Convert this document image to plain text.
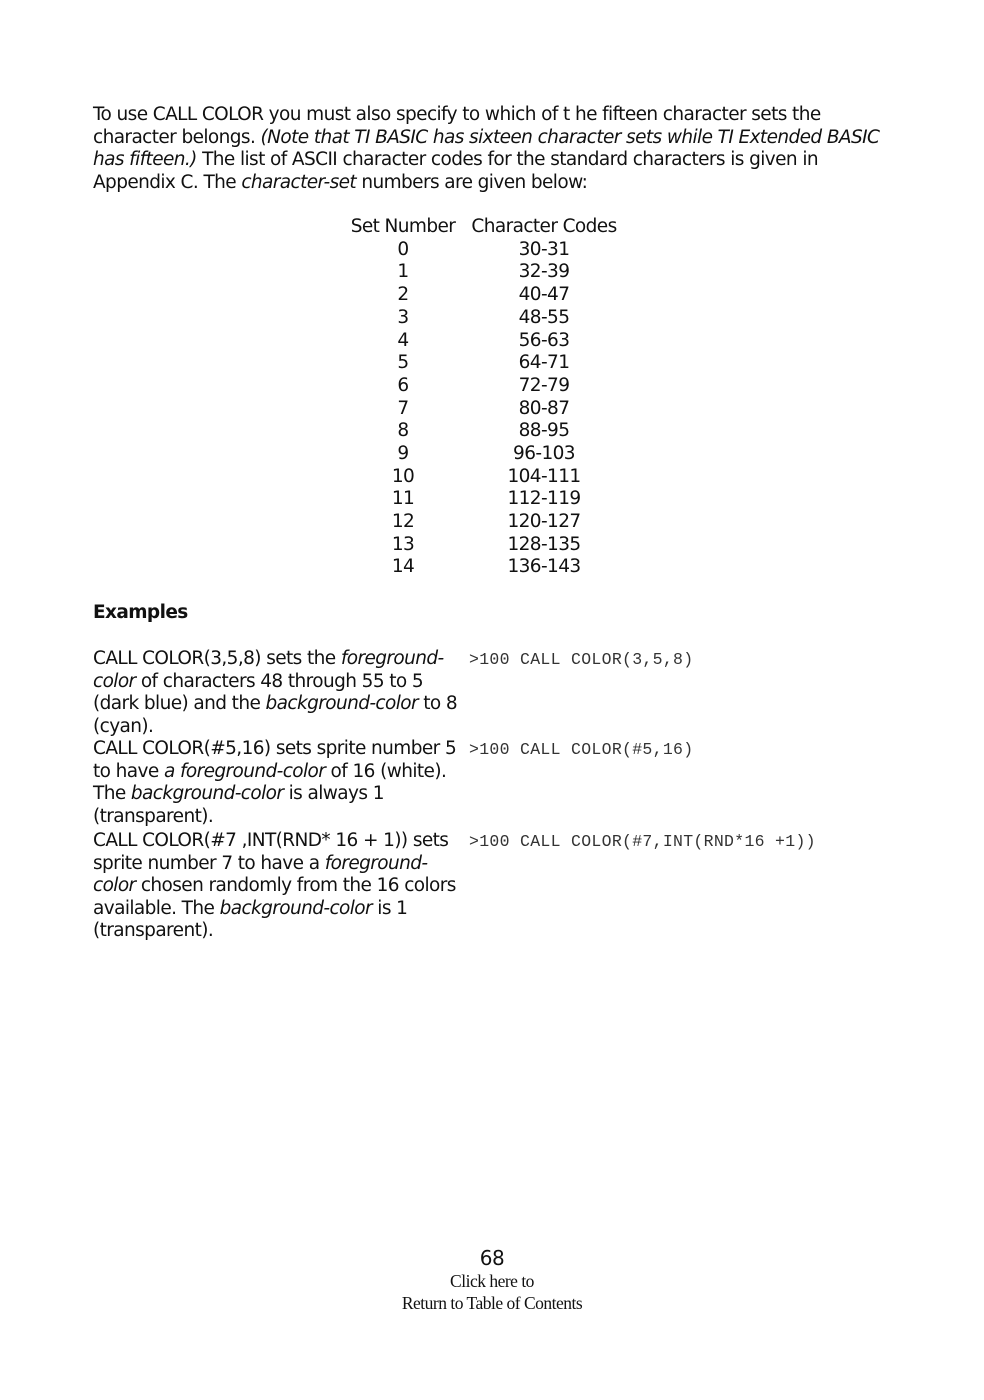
To use CALL COLOR you must also specify to which of t he fifteen character sets the character belongs. (Note that TI BASIC has sixteen character sets while TI Extended BASIC has fifteen.) The list of ASCII character codes for the standard characters is given in Appendix C. The character-set numbers are given below:

Set Number	Character Codes
0	30-31
1	32-39
2	40-47
3	48-55
4	56-63
5	64-71
6	72-79
7	80-87
8	88-95
9	96-103
10	104-111
11	112-119
12	120-127
13	128-135
14	136-143
Examples
CALL COLOR(3,5,8) sets the foreground-color of characters 48 through 55 to 5 (dark blue) and the background-color to 8 (cyan).
>100 CALL COLOR(3,5,8)
CALL COLOR(#5,16) sets sprite number 5 to have a foreground-color of 16 (white). The background-color is always 1 (transparent).
>100 CALL COLOR(#5,16)
CALL COLOR(#7 ,INT(RND* 16 + 1)) sets sprite number 7 to have a foreground-color chosen randomly from the 16 colors available. The background-color is 1 (transparent).
>100 CALL COLOR(#7,INT(RND*16 +1))
68
Click here to
Return to Table of Contents
